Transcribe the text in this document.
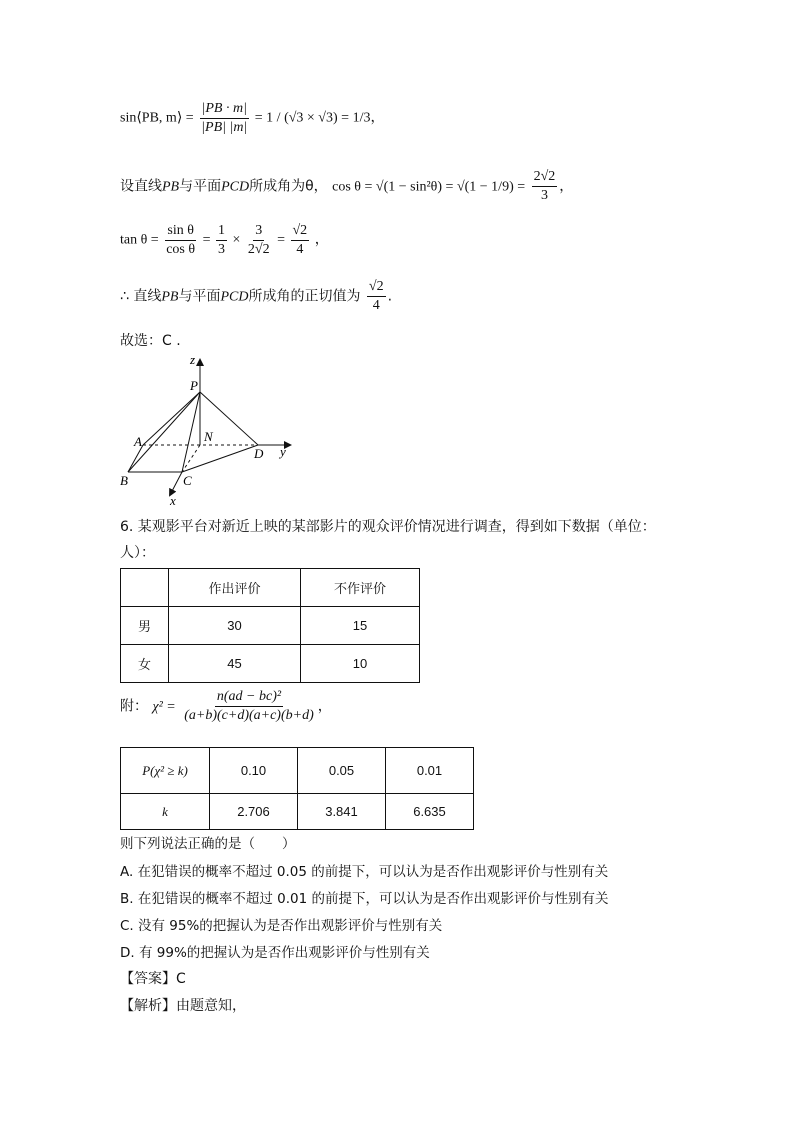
sin⟨PB, m⟩ = $\frac{|PB \cdot m|}{|PB| |m|} = 1 / (√3 \times √3) = 1/3$，
设直线PB与平面PCD所成角为θ， $\cos \theta = √(1 - \sin^2\theta) = √(1 - 1/9) = \frac{2√2}{3}$ ，
$\tan \theta = \frac{\text{sin θ}}{\text{cos θ}} = \frac{1}{3} \times \frac{3}{2√2} = \frac{√2}{4}$ ，
∴ 直线PB与平面PCD所成角的正切值为 $\frac{√2}{4}$ .
故选：C .
z
P
A	N
D y
B	C
x
6. 某观影平台对新近上映的某部影片的观众评价情况进行调查，得到如下数据（单位：
人）：
	作出评价	不作评价
男	30	15
女	45	10
附： $\chi^2 = \frac{\text{n(ad − bc)²}}{(a+b)(c+d)(a+c)(b+d)}$ ，
P(χ² ≥ k)	0.10	0.05	0.01
k	2.706	3.841	6.635
则下列说法正确的是（　　）
A. 在犯错误的概率不超过 0.05 的前提下，可以认为是否作出观影评价与性别有关
B. 在犯错误的概率不超过 0.01 的前提下，可以认为是否作出观影评价与性别有关
C. 没有 95%的把握认为是否作出观影评价与性别有关
D. 有 99%的把握认为是否作出观影评价与性别有关
【答案】C
【解析】由题意知，
